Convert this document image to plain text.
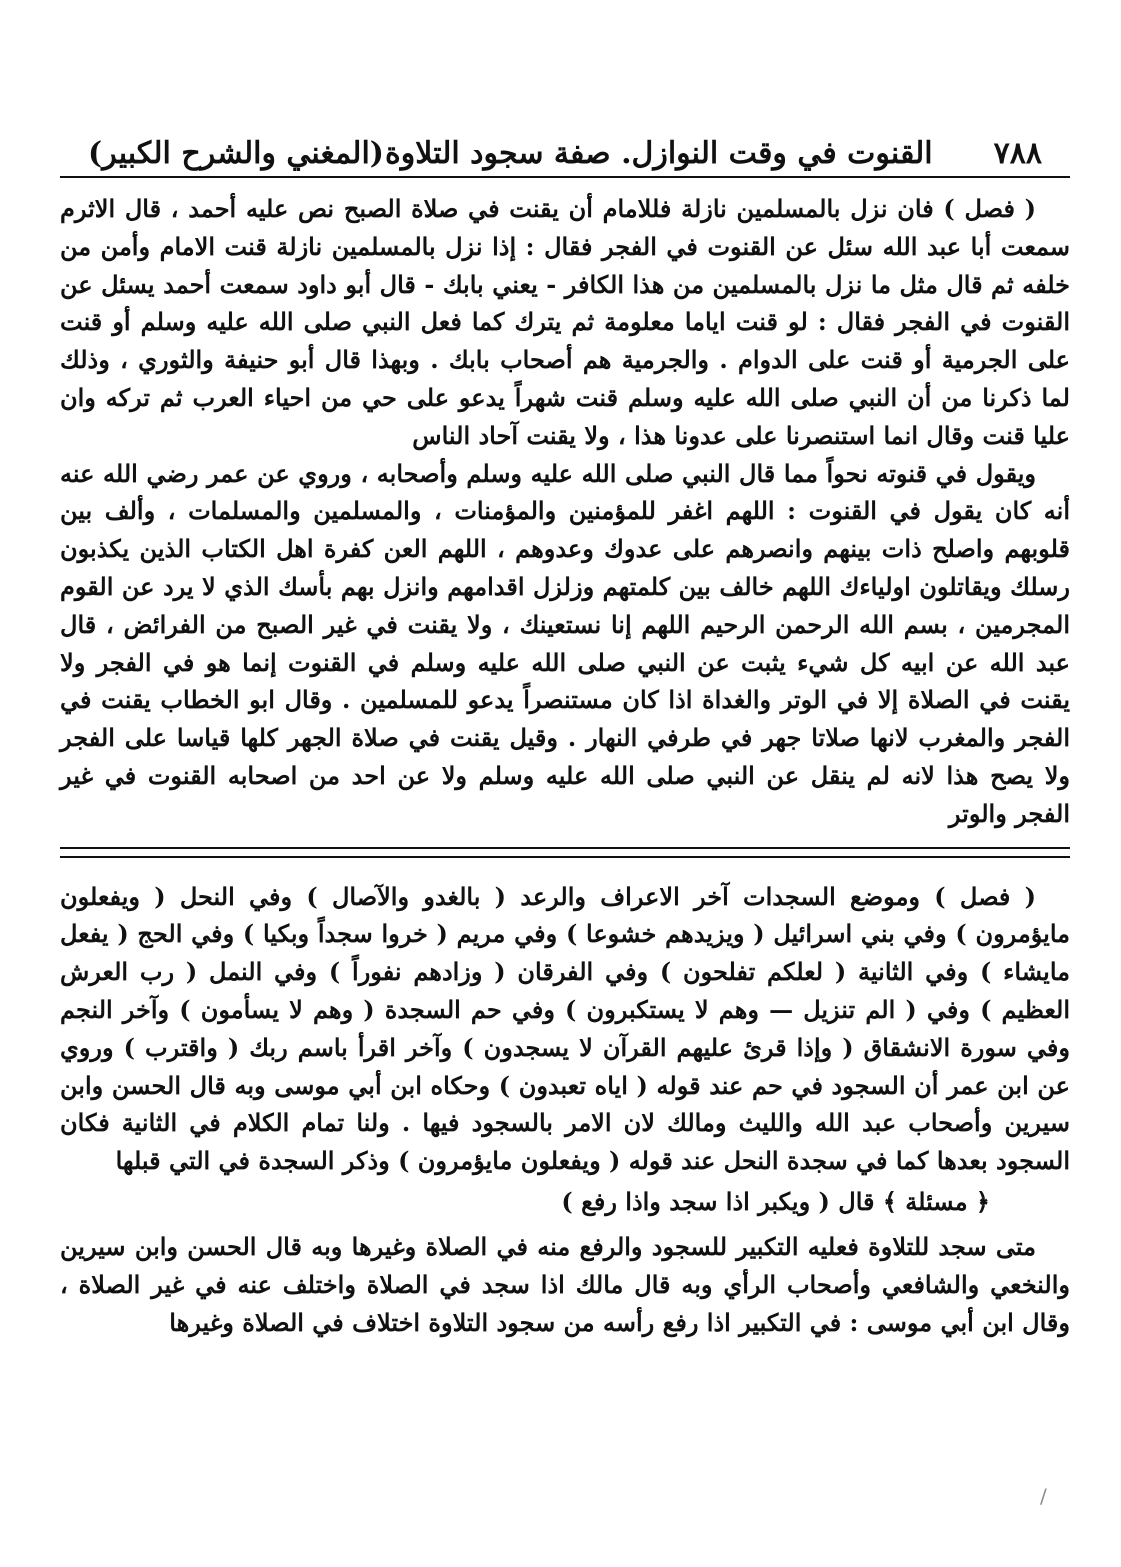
٧٨٨
القنوت في وقت النوازل. صفة سجود التلاوة
(المغني والشرح الكبير)

( فصل ) فان نزل بالمسلمين نازلة فللامام أن يقنت في صلاة الصبح نص عليه أحمد ، قال الاثرم سمعت أبا عبد الله سئل عن القنوت في الفجر فقال : إذا نزل بالمسلمين نازلة قنت الامام وأمن من خلفه ثم قال مثل ما نزل بالمسلمين من هذا الكافر - يعني بابك - قال أبو داود سمعت أحمد يسئل عن القنوت في الفجر فقال : لو قنت اياما معلومة ثم يترك كما فعل النبي صلى الله عليه وسلم أو قنت على الجرمية أو قنت على الدوام . والجرمية هم أصحاب بابك . وبهذا قال أبو حنيفة والثوري ، وذلك لما ذكرنا من أن النبي صلى الله عليه وسلم قنت شهراً يدعو على حي من احياء العرب ثم تركه وان عليا قنت وقال انما استنصرنا على عدونا هذا ، ولا يقنت آحاد الناس

ويقول في قنوته نحواً مما قال النبي صلى الله عليه وسلم وأصحابه ، وروي عن عمر رضي الله عنه أنه كان يقول في القنوت : اللهم اغفر للمؤمنين والمؤمنات ، والمسلمين والمسلمات ، وألف بين قلوبهم واصلح ذات بينهم وانصرهم على عدوك وعدوهم ، اللهم العن كفرة اهل الكتاب الذين يكذبون رسلك ويقاتلون اولياءك اللهم خالف بين كلمتهم وزلزل اقدامهم وانزل بهم بأسك الذي لا يرد عن القوم المجرمين ، بسم الله الرحمن الرحيم اللهم إنا نستعينك ، ولا يقنت في غير الصبح من الفرائض ، قال عبد الله عن ابيه كل شيء يثبت عن النبي صلى الله عليه وسلم في القنوت إنما هو في الفجر ولا يقنت في الصلاة إلا في الوتر والغداة اذا كان مستنصراً يدعو للمسلمين . وقال ابو الخطاب يقنت في الفجر والمغرب لانها صلاتا جهر في طرفي النهار . وقيل يقنت في صلاة الجهر كلها قياسا على الفجر ولا يصح هذا لانه لم ينقل عن النبي صلى الله عليه وسلم ولا عن احد من اصحابه القنوت في غير الفجر والوتر

( فصل ) وموضع السجدات آخر الاعراف والرعد ( بالغدو والآصال ) وفي النحل ( ويفعلون مايؤمرون ) وفي بني اسرائيل ( ويزيدهم خشوعا ) وفي مريم ( خروا سجداً وبكيا ) وفي الحج ( يفعل مايشاء ) وفي الثانية ( لعلكم تفلحون ) وفي الفرقان ( وزادهم نفوراً ) وفي النمل ( رب العرش العظيم ) وفي ( الم تنزيل — وهم لا يستكبرون ) وفي حم السجدة ( وهم لا يسأمون ) وآخر النجم وفي سورة الانشقاق ( وإذا قرئ عليهم القرآن لا يسجدون ) وآخر اقرأ باسم ربك ( واقترب ) وروي عن ابن عمر أن السجود في حم عند قوله ( اياه تعبدون ) وحكاه ابن أبي موسى وبه قال الحسن وابن سيرين وأصحاب عبد الله والليث ومالك لان الامر بالسجود فيها . ولنا تمام الكلام في الثانية فكان السجود بعدها كما في سجدة النحل عند قوله ( ويفعلون مايؤمرون ) وذكر السجدة في التي قبلها

﴿ مسئلة ﴾ قال ( ويكبر اذا سجد واذا رفع )

متى سجد للتلاوة فعليه التكبير للسجود والرفع منه في الصلاة وغيرها وبه قال الحسن وابن سيرين والنخعي والشافعي وأصحاب الرأي وبه قال مالك اذا سجد في الصلاة واختلف عنه في غير الصلاة ، وقال ابن أبي موسى : في التكبير اذا رفع رأسه من سجود التلاوة اختلاف في الصلاة وغيرها

/
